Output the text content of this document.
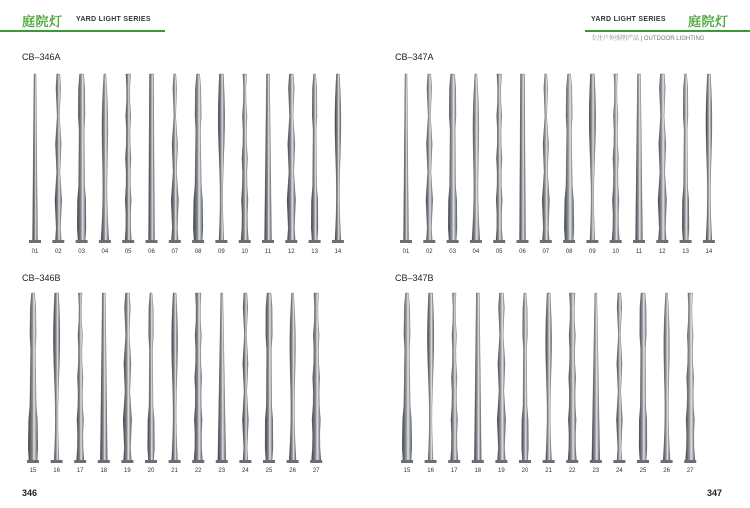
庭院灯 YARD LIGHT SERIES
CB–346A
CB–346B
346
01	02	03	04	05	06	07	08	09	10	11	12	13	14
15	16	17	18	19	20	21	22	23	24	25	26	27
YARD LIGHT SERIES 庭院灯
专注户外照明产品 | OUTDOOR LIGHTING
CB–347A
CB–347B
347
01	02	03	04	05	06	07	08	09	10	11	12	13	14
15	16	17	18	19	20	21	22	23	24	25	26	27
